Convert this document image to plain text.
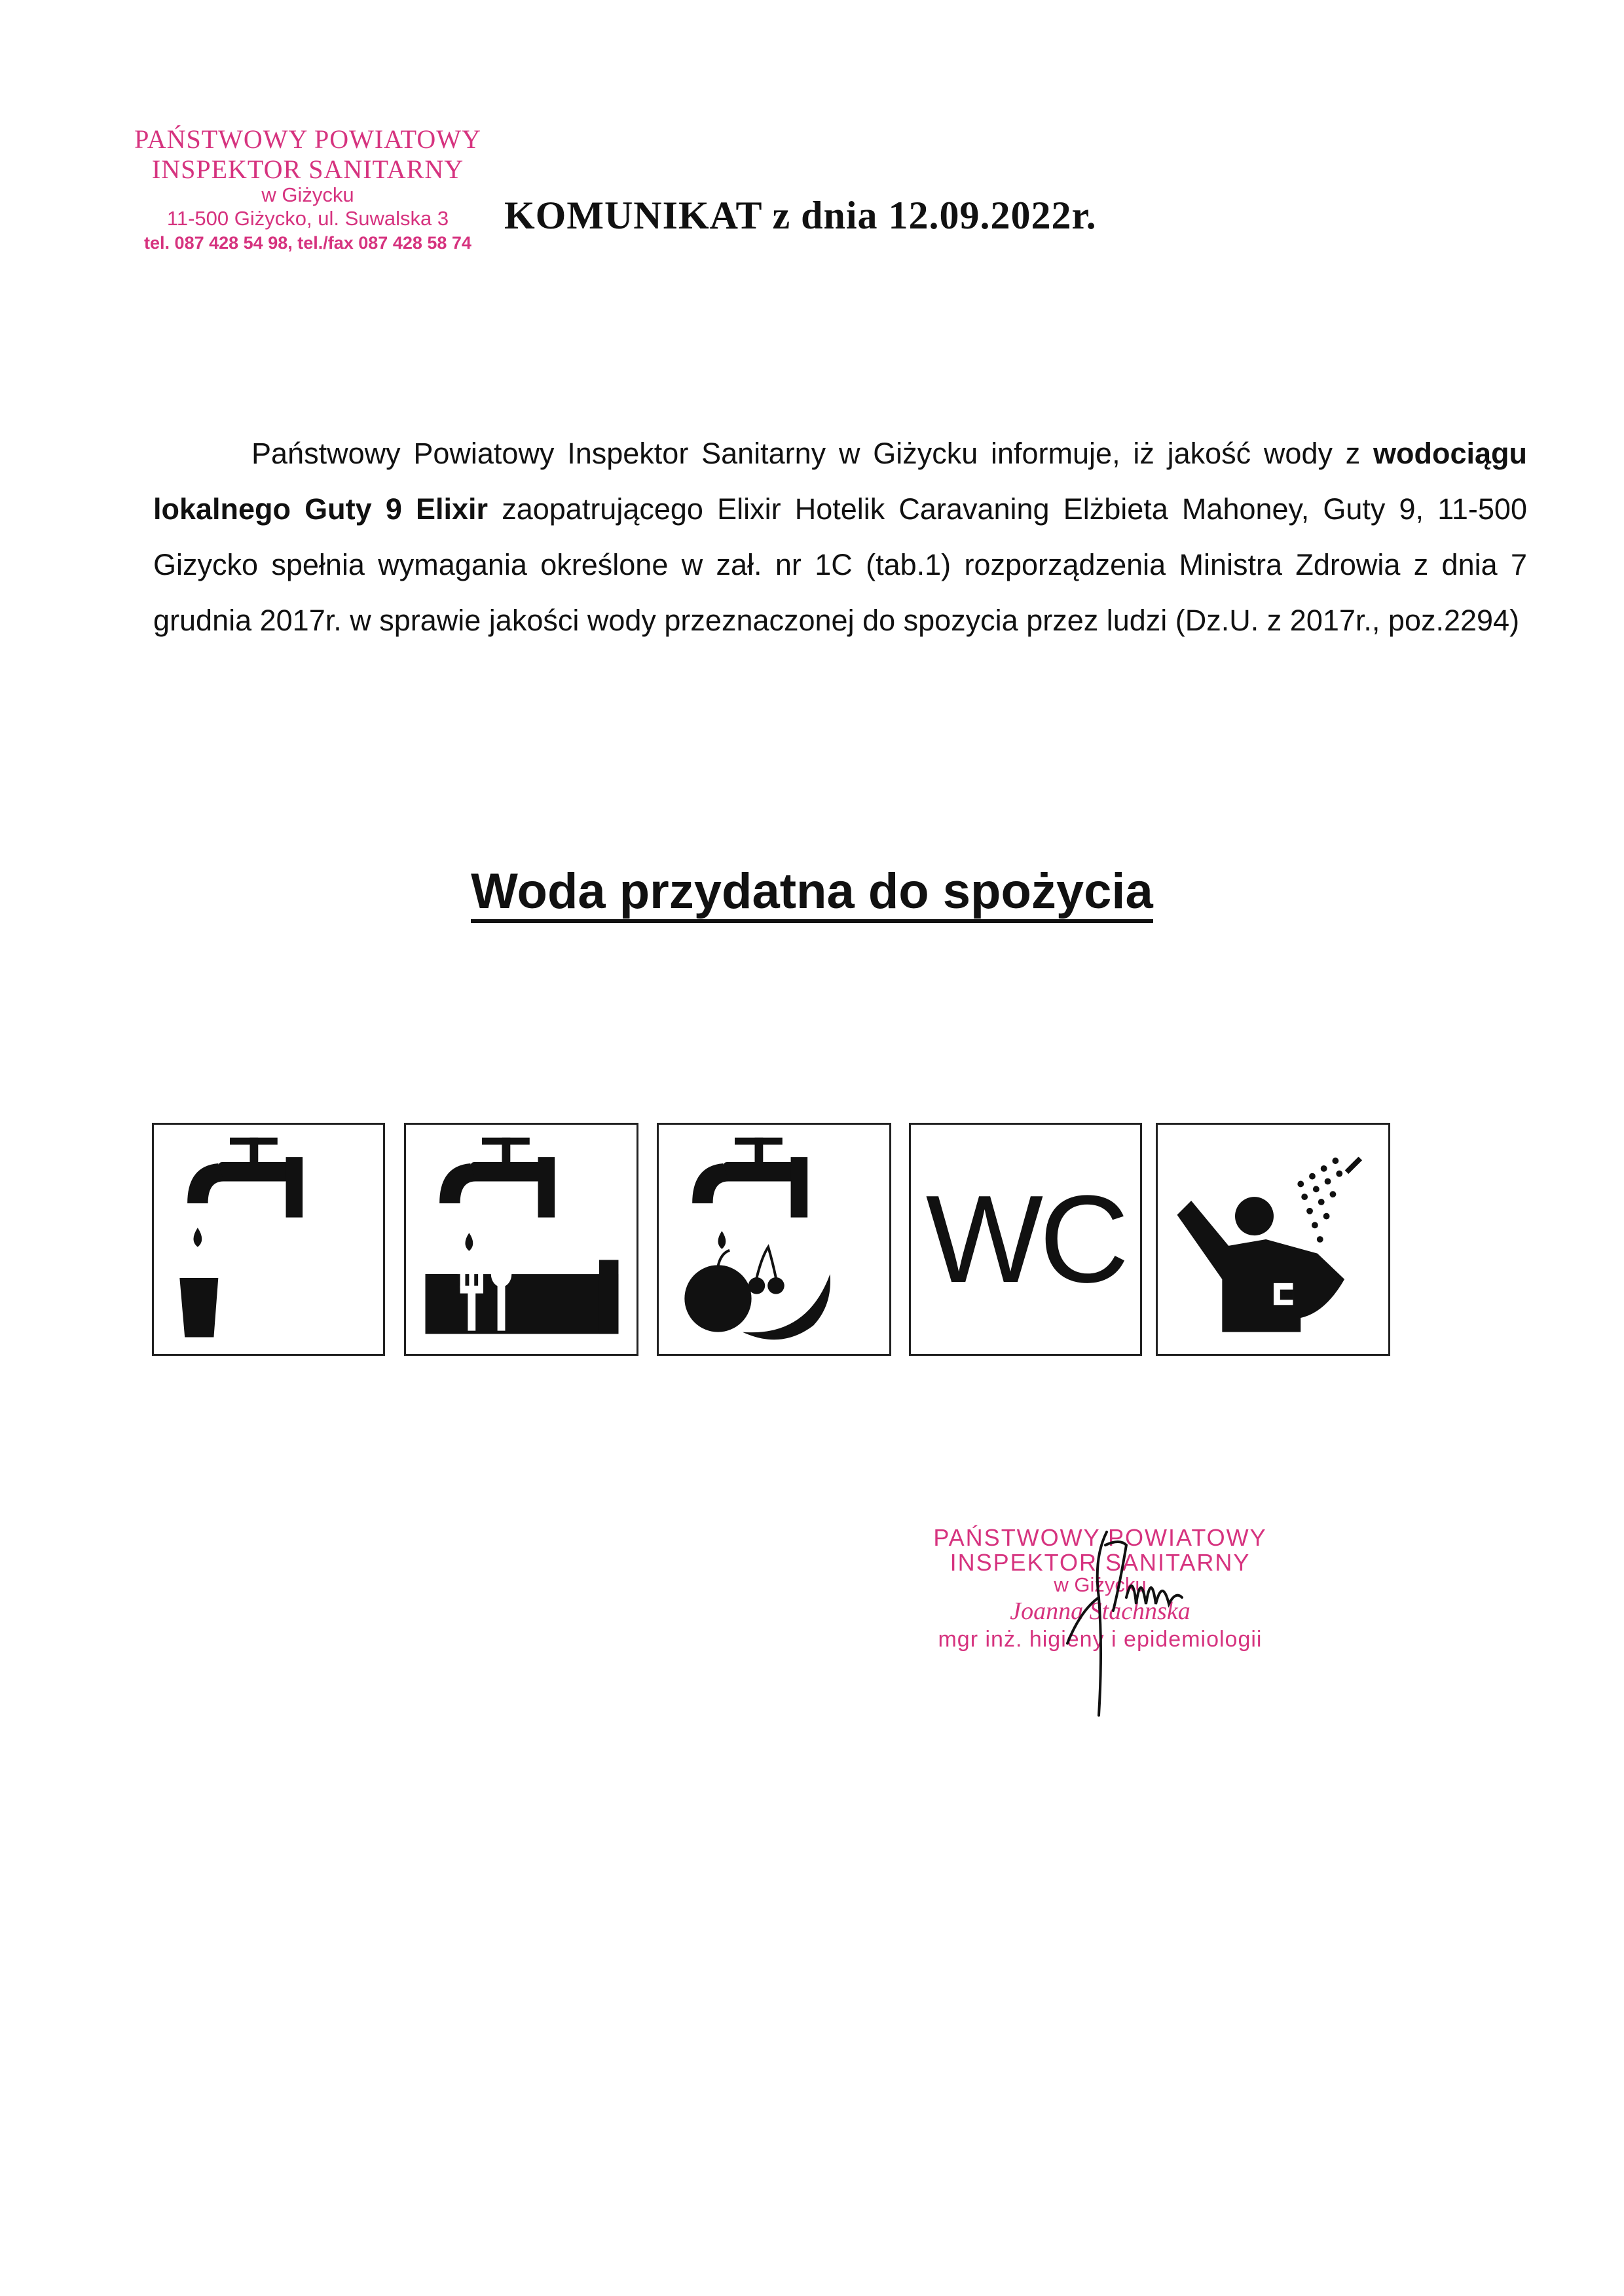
PAŃSTWOWY POWIATOWY
INSPEKTOR SANITARNY
w Giżycku
11-500 Giżycko, ul. Suwalska 3
tel. 087 428 54 98, tel./fax 087 428 58 74
KOMUNIKAT z dnia 12.09.2022r.

Państwowy Powiatowy Inspektor Sanitarny w Giżycku informuje, iż jakość wody z wodociągu lokalnego Guty 9 Elixir zaopatrującego Elixir Hotelik Caravaning Elżbieta Mahoney, Guty 9, 11-500 Gizycko spełnia wymagania określone w zał. nr 1C (tab.1) rozporządzenia Ministra Zdrowia z dnia 7 grudnia 2017r. w sprawie jakości wody przeznaczonej do spozycia przez ludzi (Dz.U. z 2017r., poz.2294)

Woda przydatna do spożycia
WC
PAŃSTWOWY POWIATOWY
INSPEKTOR SANITARNY
w Giżycku
Joanna Stachnska
mgr inż. higieny i epidemiologii
